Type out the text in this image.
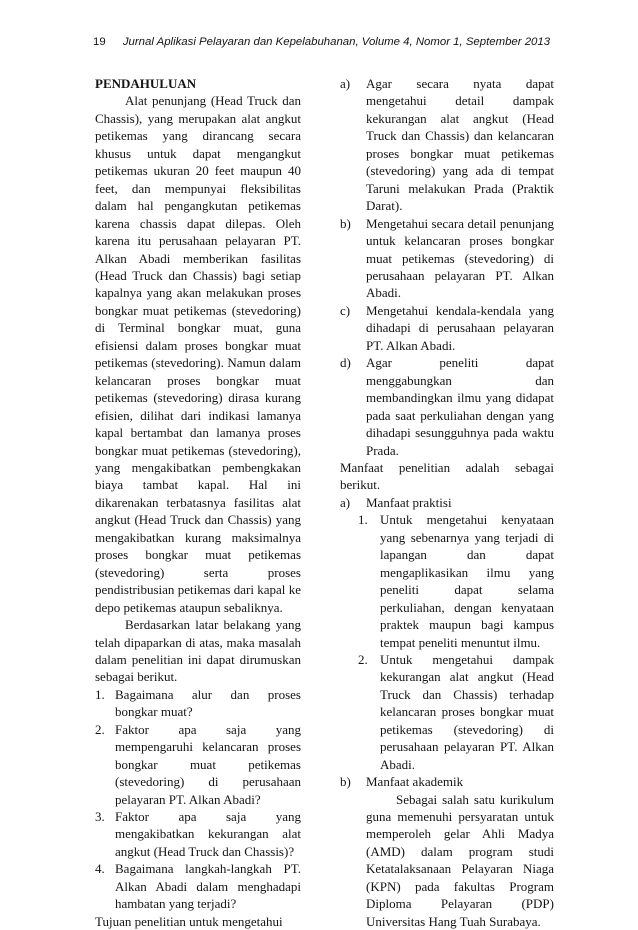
19 Jurnal Aplikasi Pelayaran dan Kepelabuhanan, Volume 4, Nomor 1, September 2013
PENDAHULUAN

Alat penunjang (Head Truck dan Chassis), yang merupakan alat angkut petikemas yang dirancang secara khusus untuk dapat mengangkut petikemas ukuran 20 feet maupun 40 feet, dan mempunyai fleksibilitas dalam hal pengangkutan petikemas karena chassis dapat dilepas. Oleh karena itu perusahaan pelayaran PT. Alkan Abadi memberikan fasilitas (Head Truck dan Chassis) bagi setiap kapalnya yang akan melakukan proses bongkar muat petikemas (stevedoring) di Terminal bongkar muat, guna efisiensi dalam proses bongkar muat petikemas (stevedoring). Namun dalam kelancaran proses bongkar muat petikemas (stevedoring) dirasa kurang efisien, dilihat dari indikasi lamanya kapal bertambat dan lamanya proses bongkar muat petikemas (stevedoring), yang mengakibatkan pembengkakan biaya tambat kapal. Hal ini dikarenakan terbatasnya fasilitas alat angkut (Head Truck dan Chassis) yang mengakibatkan kurang maksimalnya proses bongkar muat petikemas (stevedoring) serta proses pendistribusian petikemas dari kapal ke depo petikemas ataupun sebaliknya.

Berdasarkan latar belakang yang telah dipaparkan di atas, maka masalah dalam penelitian ini dapat dirumuskan sebagai berikut.

1. Bagaimana alur dan proses bongkar muat?
2. Faktor apa saja yang mempengaruhi kelancaran proses bongkar muat petikemas (stevedoring) di perusahaan pelayaran PT. Alkan Abadi?
3. Faktor apa saja yang mengakibatkan kekurangan alat angkut (Head Truck dan Chassis)?
4. Bagaimana langkah-langkah PT. Alkan Abadi dalam menghadapi hambatan yang terjadi?

Tujuan penelitian untuk mengetahui

a) Agar secara nyata dapat mengetahui detail dampak kekurangan alat angkut (Head Truck dan Chassis) dan kelancaran proses bongkar muat petikemas (stevedoring) yang ada di tempat Taruni melakukan Prada (Praktik Darat).
b) Mengetahui secara detail penunjang untuk kelancaran proses bongkar muat petikemas (stevedoring) di perusahaan pelayaran PT. Alkan Abadi.
c) Mengetahui kendala-kendala yang dihadapi di perusahaan pelayaran PT. Alkan Abadi.
d) Agar peneliti dapat menggabungkan dan membandingkan ilmu yang didapat pada saat perkuliahan dengan yang dihadapi sesungguhnya pada waktu Prada.

Manfaat penelitian adalah sebagai berikut.

a) Manfaat praktisi
1. Untuk mengetahui kenyataan yang sebenarnya yang terjadi di lapangan dan dapat mengaplikasikan ilmu yang peneliti dapat selama perkuliahan, dengan kenyataan praktek maupun bagi kampus tempat peneliti menuntut ilmu.
2. Untuk mengetahui dampak kekurangan alat angkut (Head Truck dan Chassis) terhadap kelancaran proses bongkar muat petikemas (stevedoring) di perusahaan pelayaran PT. Alkan Abadi.
b) Manfaat akademik
Sebagai salah satu kurikulum guna memenuhi persyaratan untuk memperoleh gelar Ahli Madya (AMD) dalam program studi Ketatalaksanaan Pelayaran Niaga (KPN) pada fakultas Program Diploma Pelayaran (PDP) Universitas Hang Tuah Surabaya.
